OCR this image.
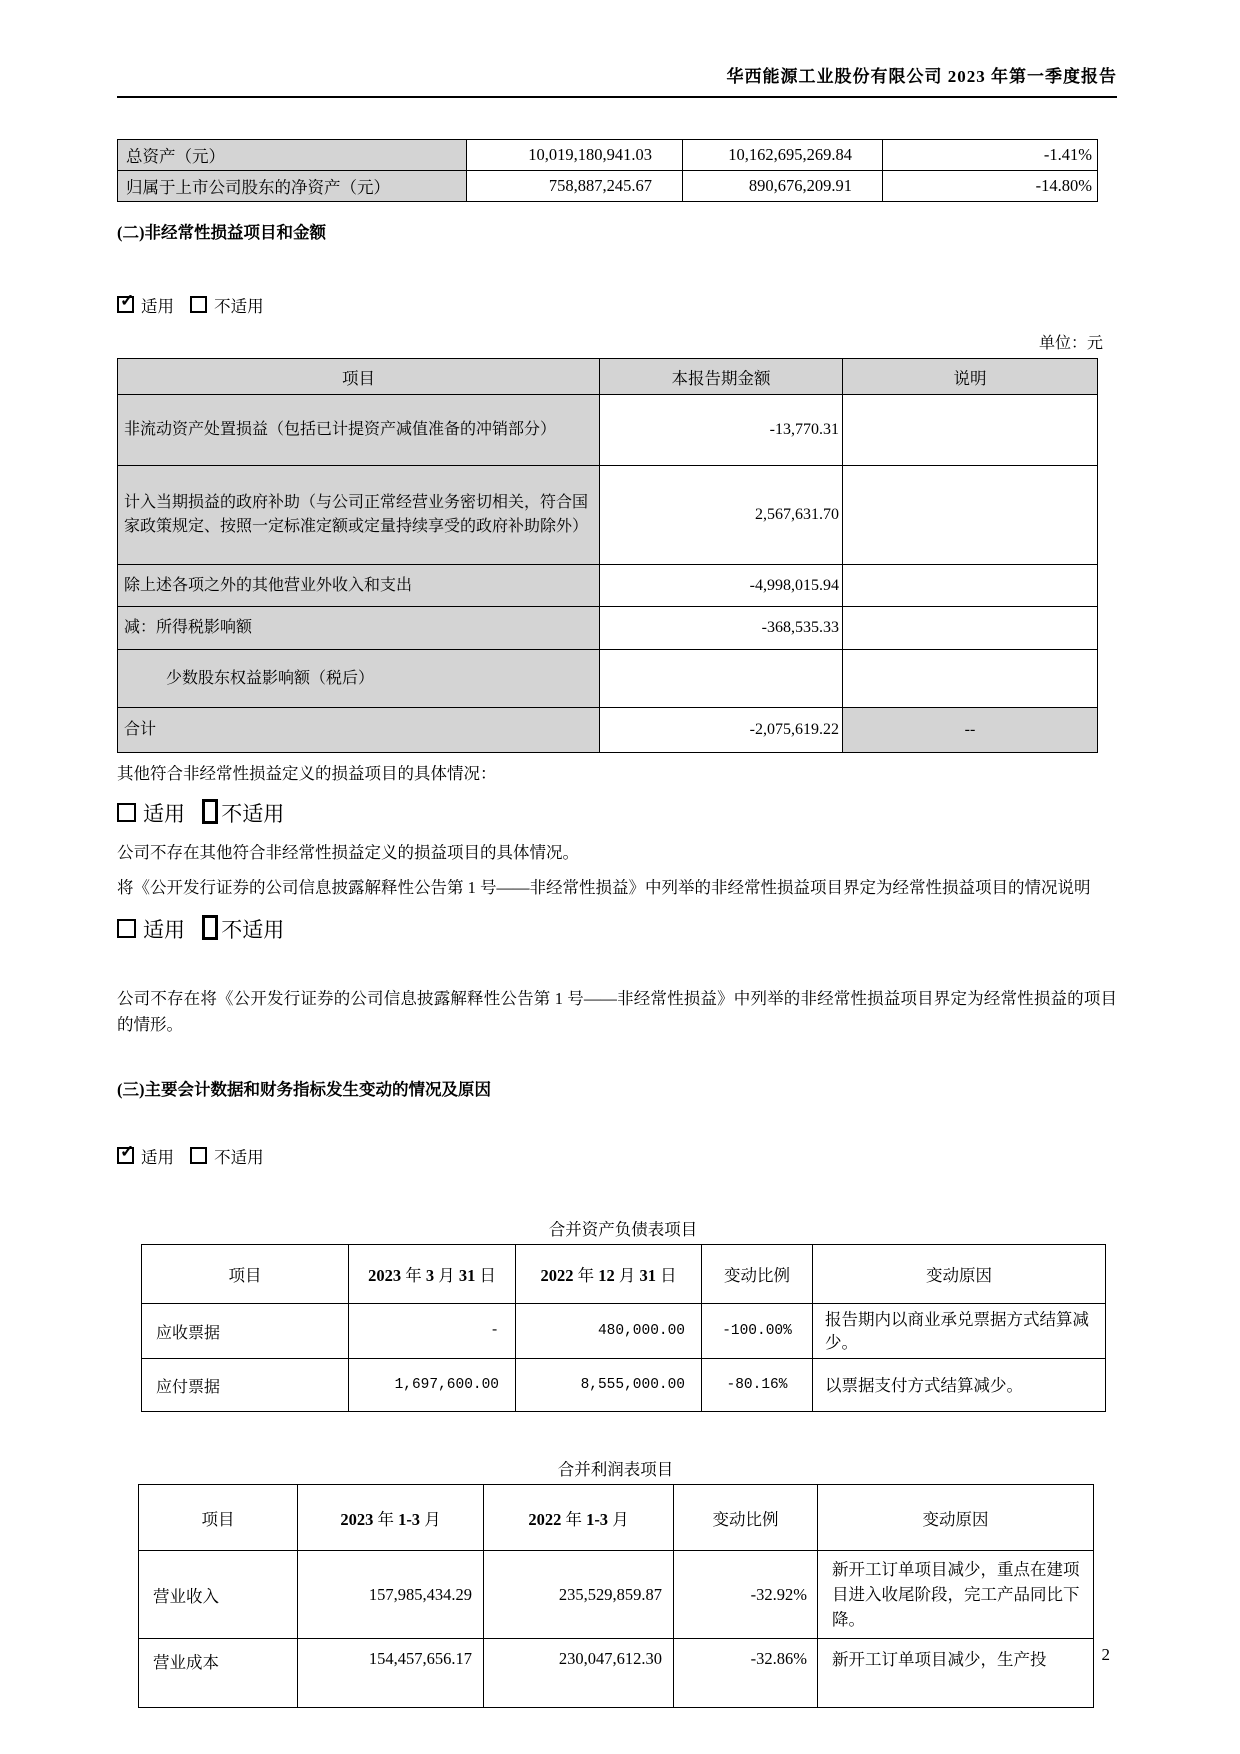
华西能源工业股份有限公司 2023 年第一季度报告
总资产（元）	10,019,180,941.03	10,162,695,269.84	-1.41%
归属于上市公司股东的净资产（元）	758,887,245.67	890,676,209.91	-14.80%
(二)非经常性损益项目和金额

✓ 适用 不适用

单位：元

项目	本报告期金额	说明
非流动资产处置损益（包括已计提资产减值准备的冲销部分）	-13,770.31	
计入当期损益的政府补助（与公司正常经营业务密切相关，符合国家政策规定、按照一定标准定额或定量持续享受的政府补助除外）	2,567,631.70	
除上述各项之外的其他营业外收入和支出	-4,998,015.94	
减：所得税影响额	-368,535.33	
少数股东权益影响额（税后）		
合计	-2,075,619.22	--

其他符合非经常性损益定义的损益项目的具体情况：

适用 不适用

公司不存在其他符合非经常性损益定义的损益项目的具体情况。

将《公开发行证券的公司信息披露解释性公告第 1 号——非经常性损益》中列举的非经常性损益项目界定为经常性损益项目的情况说明

适用 不适用

公司不存在将《公开发行证券的公司信息披露解释性公告第 1 号——非经常性损益》中列举的非经常性损益项目界定为经常性损益的项目的情形。

(三)主要会计数据和财务指标发生变动的情况及原因

✓ 适用 不适用

合并资产负债表项目

项目	2023 年 3 月 31 日	2022 年 12 月 31 日	变动比例	变动原因
应收票据	-	480,000.00	-100.00%	报告期内以商业承兑票据方式结算减少。
应付票据	1,697,600.00	8,555,000.00	-80.16%	以票据支付方式结算减少。

合并利润表项目

项目	2023 年 1-3 月	2022 年 1-3 月	变动比例	变动原因
营业收入	157,985,434.29	235,529,859.87	-32.92%	新开工订单项目减少，重点在建项目进入收尾阶段，完工产品同比下降。
营业成本	154,457,656.17	230,047,612.30	-32.86%	新开工订单项目减少，生产投	2
